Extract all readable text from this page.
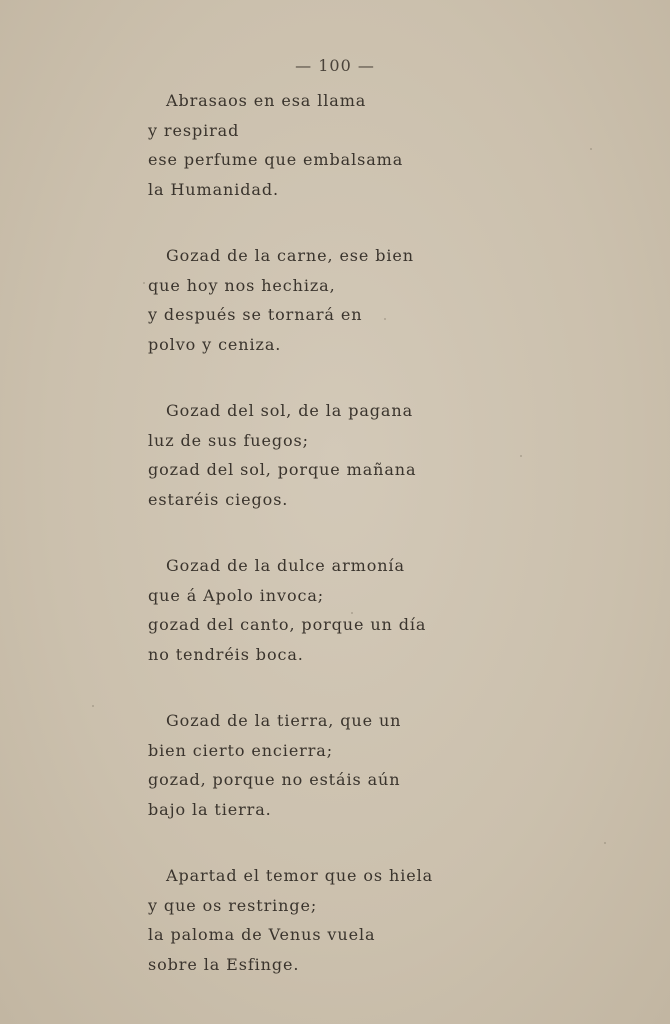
— 100 —
Abrasaos en esa llama
y respirad
ese perfume que embalsama
la Humanidad.
Gozad de la carne, ese bien
que hoy nos hechiza,
y después se tornará en
polvo y ceniza.
Gozad del sol, de la pagana
luz de sus fuegos;
gozad del sol, porque mañana
estaréis ciegos.
Gozad de la dulce armonía
que á Apolo invoca;
gozad del canto, porque un día
no tendréis boca.
Gozad de la tierra, que un
bien cierto encierra;
gozad, porque no estáis aún
bajo la tierra.
Apartad el temor que os hiela
y que os restringe;
la paloma de Venus vuela
sobre la Esfinge.
